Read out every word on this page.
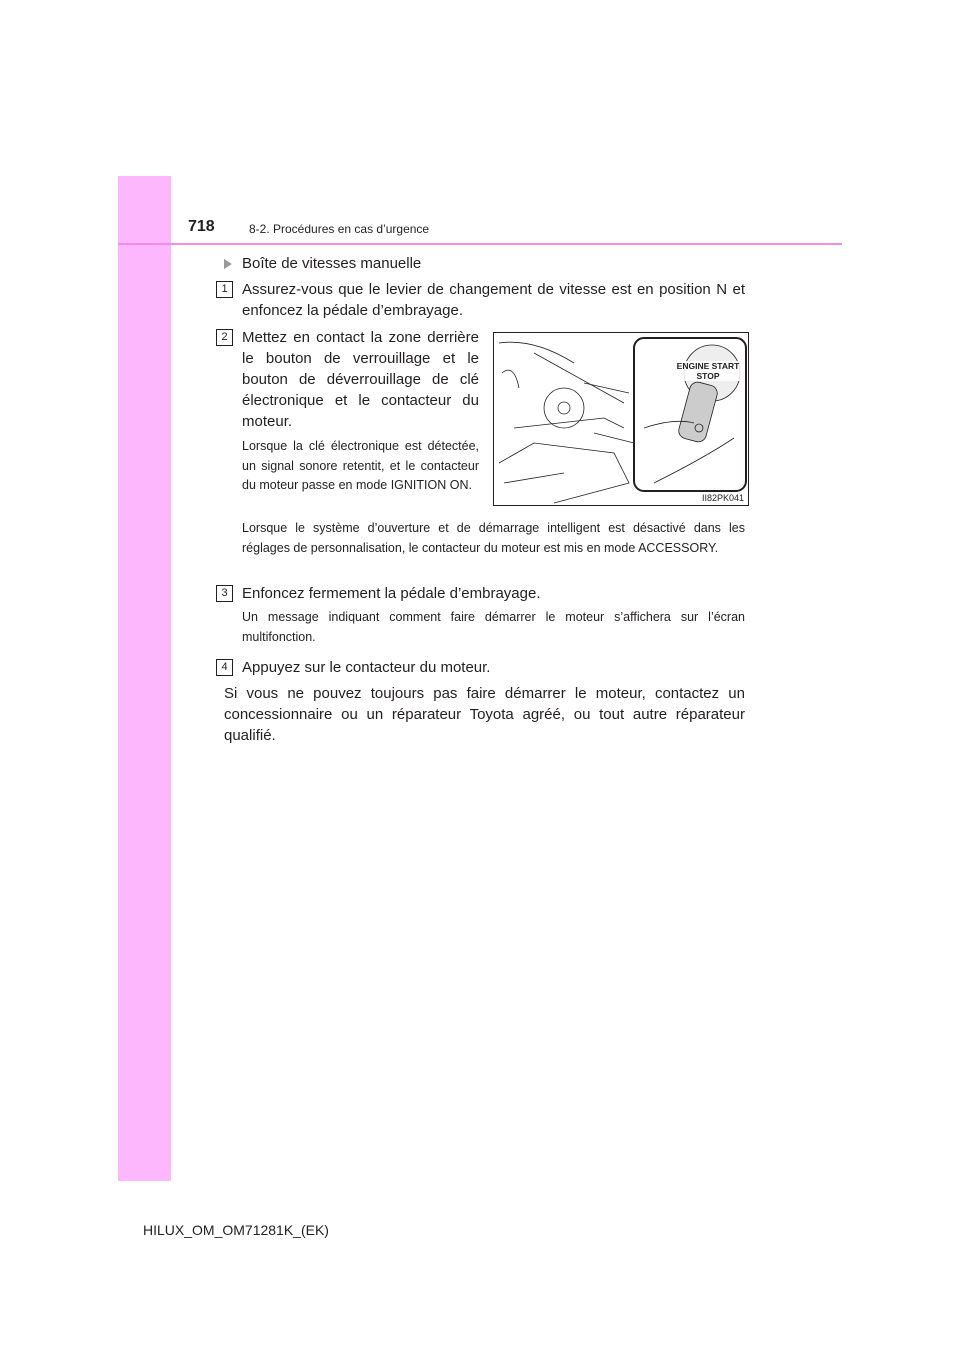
718	8-2. Procédures en cas d’urgence
Boîte de vitesses manuelle
1 Assurez-vous que le levier de changement de vitesse est en position N et enfoncez la pédale d’embrayage.
2 Mettez en contact la zone derrière le bouton de verrouillage et le bouton de déverrouillage de clé électronique et le contacteur du moteur.
Lorsque la clé électronique est détectée, un signal sonore retentit, et le contacteur du moteur passe en mode IGNITION ON.
Lorsque le système d’ouverture et de démarrage intelligent est désactivé dans les réglages de personnalisation, le contacteur du moteur est mis en mode ACCESSORY.
ENGINE START STOP
II82PK041
3 Enfoncez fermement la pédale d’embrayage.
Un message indiquant comment faire démarrer le moteur s’affichera sur l’écran multifonction.
4 Appuyez sur le contacteur du moteur.
Si vous ne pouvez toujours pas faire démarrer le moteur, contactez un concessionnaire ou un réparateur Toyota agréé, ou tout autre réparateur qualifié.
HILUX_OM_OM71281K_(EK)
